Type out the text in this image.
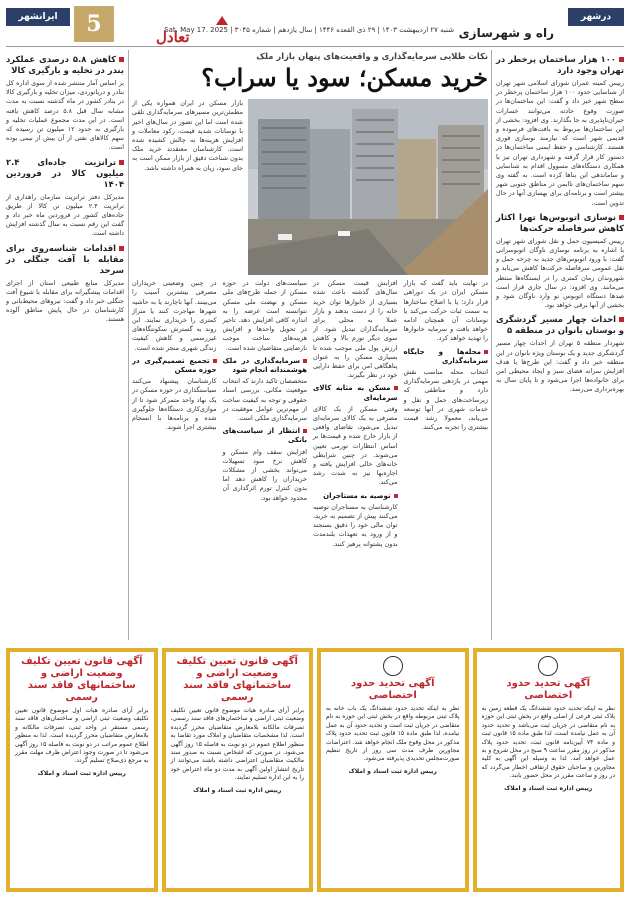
درشهر
راه و شهرسازی
شنبه ۲۷ اردیبهشت ۱۴۰۳ | ۲۹ ذی القعده ۱۴۴۶ | سال یازدهم | شماره ۳۰۴۵ | Sat. May 17. 2025
تعادل
5
ایرانشهر
۱۰۰ هزار ساختمان پرخطر در تهران وجود دارد

رییس کمیته عمران شورای اسلامی شهر تهران از شناسایی حدود ۱۰۰ هزار ساختمان پرخطر در سطح شهر خبر داد و گفت: این ساختمان‌ها در صورت وقوع حادثه می‌توانند خسارات جبران‌ناپذیری به جا بگذارند. وی افزود: بخشی از این ساختمان‌ها مربوط به بافت‌های فرسوده و قدیمی شهر است که نیازمند نوسازی فوری هستند. کارشناسی و حفظ ایمنی ساختمان‌ها در دستور کار قرار گرفته و شهرداری تهران نیز با همکاری دستگاه‌های مسوول اقدام به شناسایی و ساماندهی این بناها کرده است. به گفته وی سهم ساختمان‌های ناایمن در مناطق جنوبی شهر بیشتر است و برنامه‌ای برای بهسازی آنها در حال تدوین است.

نوسازی اتوبوس‌ها تهرا اکثار کاهش سرفاصله حرکت‌ها

رییس کمیسیون حمل و نقل شورای شهر تهران با اشاره به برنامه نوسازی ناوگان اتوبوسرانی گفت: با ورود اتوبوس‌های جدید به چرخه حمل و نقل عمومی سرفاصله حرکت‌ها کاهش می‌یابد و شهروندان زمان کمتری را در ایستگاه‌ها منتظر می‌مانند. وی افزود: در سال جاری قرار است صدها دستگاه اتوبوس نو وارد ناوگان شود و بخشی از آنها برقی خواهد بود.

احداث چهار مسیر گردشگری و بوستان بانوان در منطقه ۵

شهردار منطقه ۵ تهران از احداث چهار مسیر گردشگری جدید و یک بوستان ویژه بانوان در این منطقه خبر داد و گفت: این طرح‌ها با هدف افزایش سرانه فضای سبز و ایجاد محیطی امن برای خانواده‌ها اجرا می‌شود و تا پایان سال به بهره‌برداری می‌رسد.

نکات طلایی سرمایه‌گذاری و واقعیت‌های پنهان بازار ملک
خرید مسکن؛ سود یا سراب؟

بازار مسکن در ایران همواره یکی از مطمئن‌ترین مسیرهای سرمایه‌گذاری تلقی شده است اما این تصور در سال‌های اخیر با نوسانات شدید قیمت، رکود معاملات و افزایش هزینه‌ها به چالش کشیده شده است. کارشناسان معتقدند خرید ملک بدون شناخت دقیق از بازار ممکن است به جای سود، زیان به همراه داشته باشد.

در نهایت باید گفت که بازار مسکن ایران در یک دوراهی قرار دارد؛ یا با اصلاح ساختارها به سمت ثبات حرکت می‌کند یا نوسانات آن همچنان ادامه خواهد یافت و سرمایه خانوارها را تهدید خواهد کرد.

محله‌ها و جایگاه سرمایه‌گذاری

انتخاب محله مناسب نقش مهمی در بازدهی سرمایه‌گذاری دارد و مناطقی که زیرساخت‌های حمل و نقل و خدمات شهری در آنها توسعه می‌یابد، معمولا رشد قیمت بیشتری را تجربه می‌کنند.

افزایش قیمت مسکن در سال‌های گذشته باعث شده بسیاری از خانوارها توان خرید خانه را از دست بدهند و بازار عملا به محلی برای سرمایه‌گذاران تبدیل شود. از سوی دیگر تورم بالا و کاهش ارزش پول ملی موجب شده تا بسیاری مسکن را به عنوان پناهگاهی امن برای حفظ دارایی خود در نظر بگیرند.

مسکن به مثابه کالای سرمایه‌ای

وقتی مسکن از یک کالای مصرفی به یک کالای سرمایه‌ای تبدیل می‌شود، تقاضای واقعی از بازار خارج شده و قیمت‌ها بر اساس انتظارات تورمی تعیین می‌شوند. در چنین شرایطی خانه‌های خالی افزایش یافته و اجاره‌بها نیز به شدت رشد می‌کند.

توصیه به مستاجران

کارشناسان به مستاجران توصیه می‌کنند پیش از تصمیم به خرید، توان مالی خود را دقیق بسنجند و از ورود به تعهدات بلندمدت بدون پشتوانه پرهیز کنند.

سیاست‌های دولت در حوزه مسکن از جمله طرح‌های ملی مسکن و نهضت ملی مسکن نتوانسته است عرضه را به اندازه کافی افزایش دهد. تاخیر در تحویل واحدها و افزایش هزینه‌های ساخت موجب نارضایتی متقاضیان شده است.

سرمایه‌گذاری در ملک هوشمندانه انجام شود

متخصصان تاکید دارند که انتخاب موقعیت مکانی، بررسی اسناد حقوقی و توجه به کیفیت ساخت از مهم‌ترین عوامل موفقیت در سرمایه‌گذاری ملکی است.

انتظار از سیاست‌های بانکی

افزایش سقف وام مسکن و کاهش نرخ سود تسهیلات می‌تواند بخشی از مشکلات خریداران را کاهش دهد اما بدون کنترل تورم اثرگذاری آن محدود خواهد بود.

در چنین وضعیتی خریداران مصرفی بیشترین آسیب را می‌بینند. آنها ناچارند یا به حاشیه شهرها مهاجرت کنند یا متراژ کمتری را خریداری نمایند. این روند به گسترش سکونتگاه‌های غیررسمی و کاهش کیفیت زندگی شهری منجر شده است.

تجمیع تصمیم‌گیری در حوزه مسکن

کارشناسان پیشنهاد می‌کنند سیاستگذاری در حوزه مسکن در یک نهاد واحد متمرکز شود تا از موازی‌کاری دستگاه‌ها جلوگیری شده و برنامه‌ها با انسجام بیشتری اجرا شوند.

کاهش ۵.۸ درصدی عملکرد بندر در تخلیه و بارگیری کالا

بر اساس آمار منتشر شده از سوی اداره کل بنادر و دریانوردی، میزان تخلیه و بارگیری کالا در بنادر کشور در ماه گذشته نسبت به مدت مشابه سال قبل ۵.۸ درصد کاهش یافته است. در این مدت مجموع عملیات تخلیه و بارگیری به حدود ۱۲ میلیون تن رسیده که سهم کالاهای نفتی از آن بیش از نیمی بوده است.

ترانزیت جاده‌ای ۲.۴ میلیون کالا در فروردین ۱۴۰۴

مدیرکل دفتر ترانزیت سازمان راهداری از ترانزیت ۲.۴ میلیون تن کالا از طریق جاده‌های کشور در فروردین ماه خبر داد و گفت این رقم نسبت به سال گذشته افزایش داشته است.

اقدامات شناسه‌روی برای مقابله با آفت جنگلی در سرحد

مدیرکل منابع طبیعی استان از اجرای اقدامات پیشگیرانه برای مقابله با شیوع آفت جنگلی خبر داد و گفت: نیروهای محیط‌بانی و کارشناسان در حال پایش مناطق آلوده هستند.

آگهی تحدید حدود اختصاصی
نظر به اینکه تحدید حدود ششدانگ یک قطعه زمین به پلاک ثبتی فرعی از اصلی واقع در بخش ثبتی این حوزه به نام متقاضی در جریان ثبت می‌باشد و تحدید حدود آن به عمل نیامده است، لذا طبق ماده ۱۵ قانون ثبت و ماده ۷۴ آیین‌نامه قانون ثبت، تحدید حدود پلاک مذکور در روز مقرر ساعت ۹ صبح در محل شروع و به عمل خواهد آمد. لذا به وسیله این آگهی به کلیه مجاورین و صاحبان حقوق ارتفاقی اخطار می‌گردد که در روز و ساعت مقرر در محل حضور یابند.
رییس اداره ثبت اسناد و املاک
آگهی تحدید حدود اختصاصی
نظر به اینکه تحدید حدود ششدانگ یک باب خانه به پلاک ثبتی مربوطه واقع در بخش ثبتی این حوزه به نام متقاضی در جریان ثبت است و تحدید حدود آن به عمل نیامده، لذا طبق ماده ۱۵ قانون ثبت تحدید حدود پلاک مذکور در محل وقوع ملک انجام خواهد شد. اعتراضات مجاورین ظرف مدت سی روز از تاریخ تنظیم صورت‌مجلس تحدیدی پذیرفته می‌شود.
رییس اداره ثبت اسناد و املاک
آگهی قانون تعیین تکلیف وضعیت اراضی و ساختمانهای فاقد سند رسمی
برابر آرای صادره هیات موضوع قانون تعیین تکلیف وضعیت ثبتی اراضی و ساختمان‌های فاقد سند رسمی، تصرفات مالکانه بلامعارض متقاضیان محرز گردیده است. لذا مشخصات متقاضیان و املاک مورد تقاضا به منظور اطلاع عموم در دو نوبت به فاصله ۱۵ روز آگهی می‌شود. در صورتی که اشخاص نسبت به صدور سند مالکیت متقاضیان اعتراضی داشته باشند می‌توانند از تاریخ انتشار اولین آگهی به مدت دو ماه اعتراض خود را به این اداره تسلیم نمایند.
رییس اداره ثبت اسناد و املاک
آگهی قانون تعیین تکلیف وضعیت اراضی و ساختمانهای فاقد سند رسمی
برابر آرای صادره هیات اول موضوع قانون تعیین تکلیف وضعیت ثبتی اراضی و ساختمان‌های فاقد سند رسمی مستقر در واحد ثبتی، تصرفات مالکانه و بلامعارض متقاضیان محرز گردیده است. لذا به منظور اطلاع عموم مراتب در دو نوبت به فاصله ۱۵ روز آگهی می‌شود تا در صورت وجود اعتراض ظرف مهلت مقرر به مرجع ذی‌صلاح تسلیم گردد.
رییس اداره ثبت اسناد و املاک
